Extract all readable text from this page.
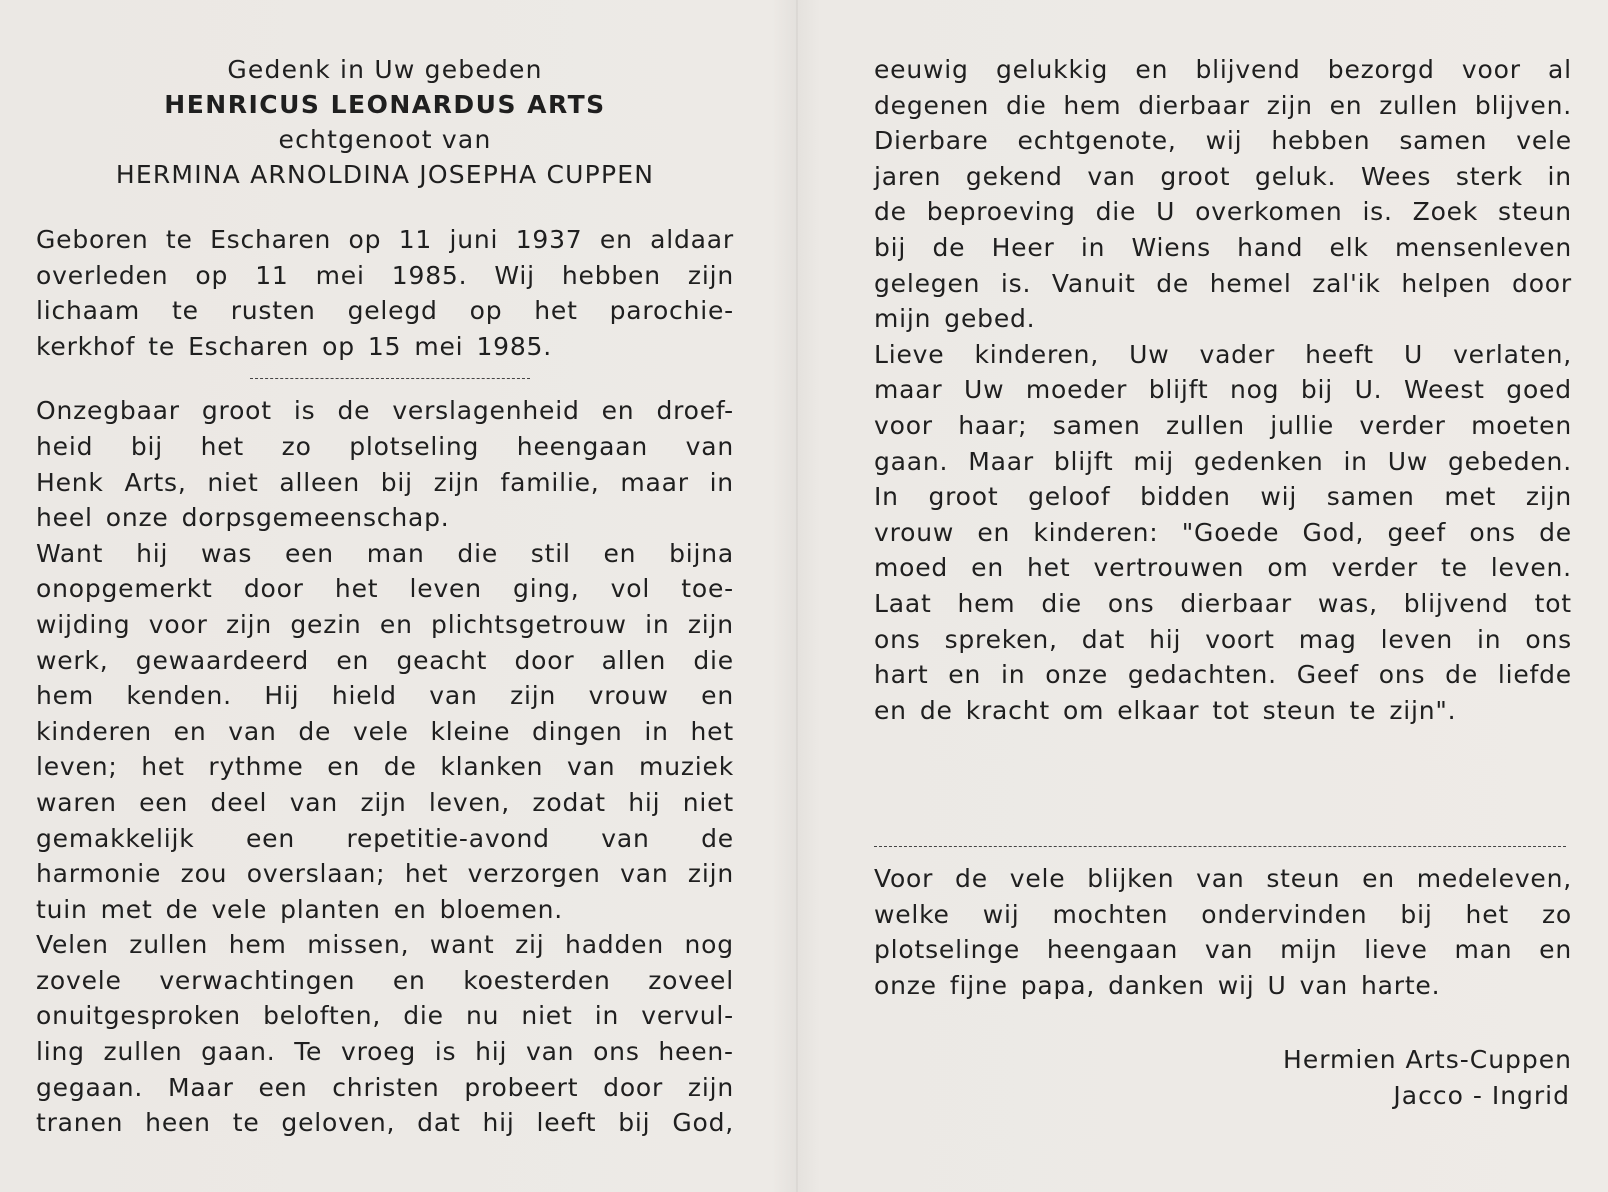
Gedenk in Uw gebeden
HENRICUS LEONARDUS ARTS
echtgenoot van
HERMINA ARNOLDINA JOSEPHA CUPPEN
Geboren te Escharen op 11 juni 1937 en aldaar
overleden op 11 mei 1985. Wij hebben zijn
lichaam te rusten gelegd op het parochie-
kerkhof te Escharen op 15 mei 1985.
Onzegbaar groot is de verslagenheid en droef-
heid bij het zo plotseling heengaan van
Henk Arts, niet alleen bij zijn familie, maar in
heel onze dorpsgemeenschap.
Want hij was een man die stil en bijna
onopgemerkt door het leven ging, vol toe-
wijding voor zijn gezin en plichtsgetrouw in zijn
werk, gewaardeerd en geacht door allen die
hem kenden. Hij hield van zijn vrouw en
kinderen en van de vele kleine dingen in het
leven; het rythme en de klanken van muziek
waren een deel van zijn leven, zodat hij niet
gemakkelijk een repetitie-avond van de
harmonie zou overslaan; het verzorgen van zijn
tuin met de vele planten en bloemen.
Velen zullen hem missen, want zij hadden nog
zovele verwachtingen en koesterden zoveel
onuitgesproken beloften, die nu niet in vervul-
ling zullen gaan. Te vroeg is hij van ons heen-
gegaan. Maar een christen probeert door zijn
tranen heen te geloven, dat hij leeft bij God,
eeuwig gelukkig en blijvend bezorgd voor al
degenen die hem dierbaar zijn en zullen blijven.
Dierbare echtgenote, wij hebben samen vele
jaren gekend van groot geluk. Wees sterk in
de beproeving die U overkomen is. Zoek steun
bij de Heer in Wiens hand elk mensenleven
gelegen is. Vanuit de hemel zal'ik helpen door
mijn gebed.
Lieve kinderen, Uw vader heeft U verlaten,
maar Uw moeder blijft nog bij U. Weest goed
voor haar; samen zullen jullie verder moeten
gaan. Maar blijft mij gedenken in Uw gebeden.
In groot geloof bidden wij samen met zijn
vrouw en kinderen: "Goede God, geef ons de
moed en het vertrouwen om verder te leven.
Laat hem die ons dierbaar was, blijvend tot
ons spreken, dat hij voort mag leven in ons
hart en in onze gedachten. Geef ons de liefde
en de kracht om elkaar tot steun te zijn".
Voor de vele blijken van steun en medeleven,
welke wij mochten ondervinden bij het zo
plotselinge heengaan van mijn lieve man en
onze fijne papa, danken wij U van harte.
Hermien Arts-Cuppen
Jacco - Ingrid
